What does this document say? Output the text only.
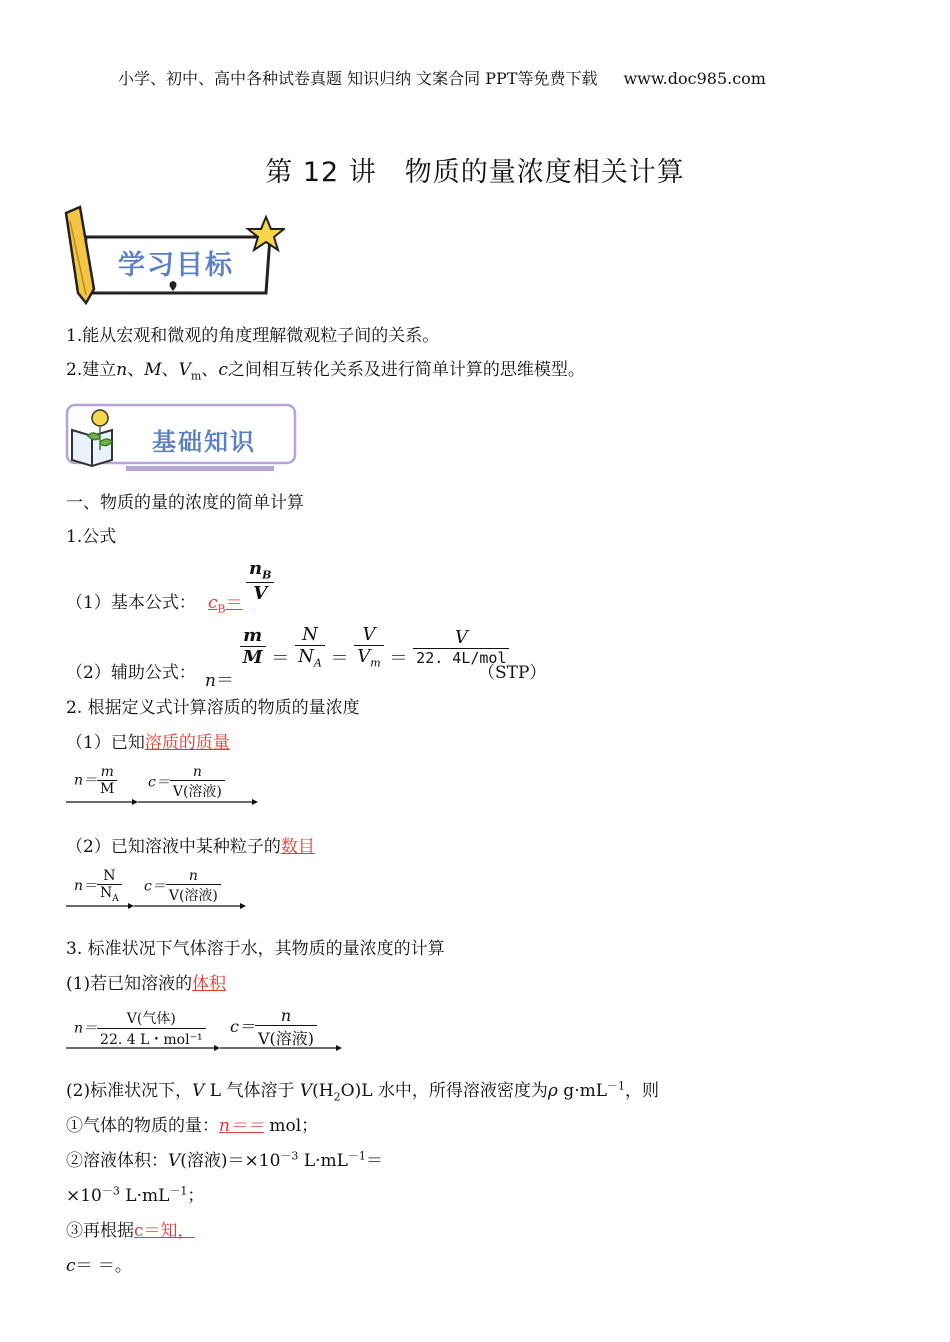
小学、初中、高中各种试卷真题 知识归纳 文案合同 PPT等免费下载 www.doc985.com
第 12 讲　物质的量浓度相关计算
学习目标
1.能从宏观和微观的角度理解微观粒子间的关系。
2.建立n、M、$V_m$、c之间相互转化关系及进行简单计算的思维模型。
基础知识
一、物质的量的浓度的简单计算
1.公式
（1）基本公式： $c_B= \frac{n_B}{V}$
（2）辅助公式： n＝
$\frac{m}{M} = \frac{N}{N_A} = \frac{V}{V_m} = \frac{V}{\text{22. 4L/mol}}$
（STP）
2. 根据定义式计算溶质的物质的量浓度
（1）已知溶质的质量
$n= \frac{m}{M} c= \frac{n}{\text{V(溶液)}}$
（2）已知溶液中某种粒子的数目
$n= \frac{N}{N_A} c= \frac{n}{\text{V(溶液)}}$
3. 标准状况下气体溶于水，其物质的量浓度的计算
(1)若已知溶液的体积
$n= \frac{\text{V(气体)}}{\text{22. 4 L・mol⁻¹}} c= \frac{n}{\text{V(溶液)}}$
(2)标准状况下，V L 气体溶于 $V(H_2O)L$ 水中，所得溶液密度为ρ $g\cdot mL^{-1}$，则
①气体的物质的量：n＝＝ mol；
②溶液体积：V(溶液)$=\times 10^{-3}$ $L\cdot mL^{-1}=$
$\times 10^{-3}$ $L\cdot mL^{-1}$；
③再根据c＝知，
c＝ ＝。
